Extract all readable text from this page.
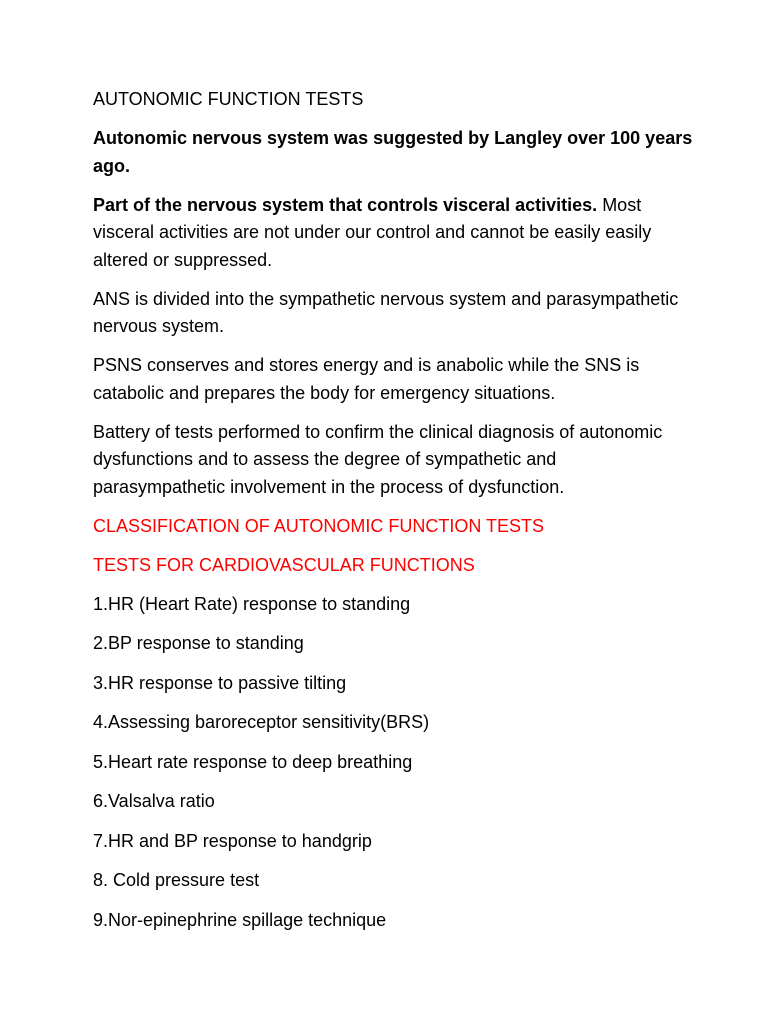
AUTONOMIC FUNCTION TESTS

Autonomic nervous system was suggested by Langley over 100 years ago.

Part of the nervous system that controls visceral activities. Most visceral activities are not under our control and cannot be easily easily altered or suppressed.

ANS is divided into the sympathetic nervous system and parasympathetic nervous system.

PSNS conserves and stores energy and is anabolic while the SNS is catabolic and prepares the body for emergency situations.

Battery of tests performed to confirm the clinical diagnosis of autonomic dysfunctions and to assess the degree of sympathetic and parasympathetic involvement in the process of dysfunction.

CLASSIFICATION OF AUTONOMIC FUNCTION TESTS

TESTS FOR CARDIOVASCULAR FUNCTIONS

1.HR (Heart Rate) response to standing

2.BP response to standing

3.HR response to passive tilting

4.Assessing baroreceptor sensitivity(BRS)

5.Heart rate response to deep breathing

6.Valsalva ratio

7.HR and BP response to handgrip

8. Cold pressure test

9.Nor-epinephrine spillage technique
